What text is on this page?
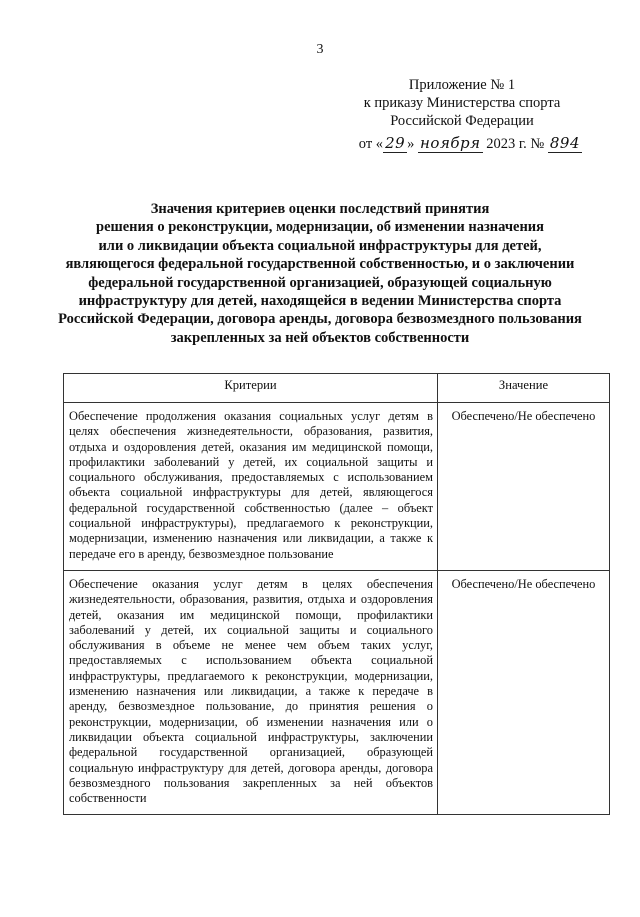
3
Приложение № 1
к приказу Министерства спорта
Российской Федерации
от « 29 » ноября 2023 г. № 894
Значения критериев оценки последствий принятия
решения о реконструкции, модернизации, об изменении назначения
или о ликвидации объекта социальной инфраструктуры для детей,
являющегося федеральной государственной собственностью, и о заключении
федеральной государственной организацией, образующей социальную
инфраструктуру для детей, находящейся в ведении Министерства спорта
Российской Федерации, договора аренды, договора безвозмездного пользования
закрепленных за ней объектов собственности
Критерии	Значение
Обеспечение продолжения оказания социальных услуг детям в целях обеспечения жизнедеятельности, образования, развития, отдыха и оздоровления детей, оказания им медицинской помощи, профилактики заболеваний у детей, их социальной защиты и социального обслуживания, предоставляемых с использованием объекта социальной инфраструктуры для детей, являющегося федеральной государственной собственностью (далее – объект социальной инфраструктуры), предлагаемого к реконструкции, модернизации, изменению назначения или ликвидации, а также к передаче его в аренду, безвозмездное пользование	Обеспечено/Не обеспечено
Обеспечение оказания услуг детям в целях обеспечения жизнедеятельности, образования, развития, отдыха и оздоровления детей, оказания им медицинской помощи, профилактики заболеваний у детей, их социальной защиты и социального обслуживания в объеме не менее чем объем таких услуг, предоставляемых с использованием объекта социальной инфраструктуры, предлагаемого к реконструкции, модернизации, изменению назначения или ликвидации, а также к передаче в аренду, безвозмездное пользование, до принятия решения о реконструкции, модернизации, об изменении назначения или о ликвидации объекта социальной инфраструктуры, заключении федеральной государственной организацией, образующей социальную инфраструктуру для детей, договора аренды, договора безвозмездного пользования закрепленных за ней объектов собственности	Обеспечено/Не обеспечено
